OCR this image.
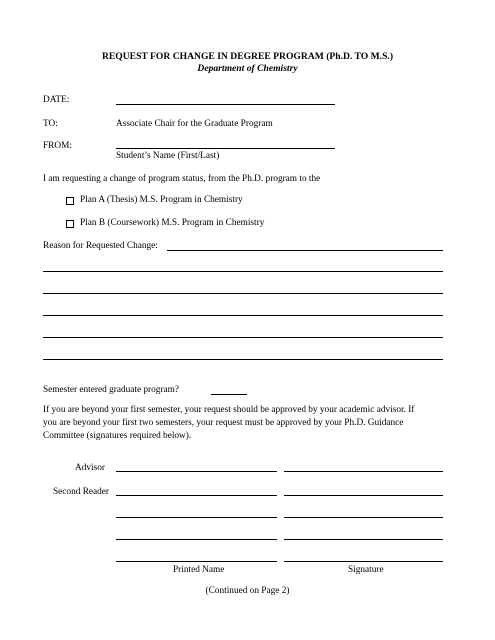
REQUEST FOR CHANGE IN DEGREE PROGRAM (Ph.D. TO M.S.)
Department of Chemistry
DATE:
TO:	Associate Chair for the Graduate Program
FROM:
Student’s Name (First/Last)
I am requesting a change of program status, from the Ph.D. program to the
Plan A (Thesis) M.S. Program in Chemistry
Plan B (Coursework) M.S. Program in Chemistry
Reason for Requested Change:
Semester entered graduate program?
If you are beyond your first semester, your request should be approved by your academic advisor. If
you are beyond your first two semesters, your request must be approved by your Ph.D. Guidance
Committee (signatures required below).
Advisor
Second Reader
Printed Name	Signature
(Continued on Page 2)
